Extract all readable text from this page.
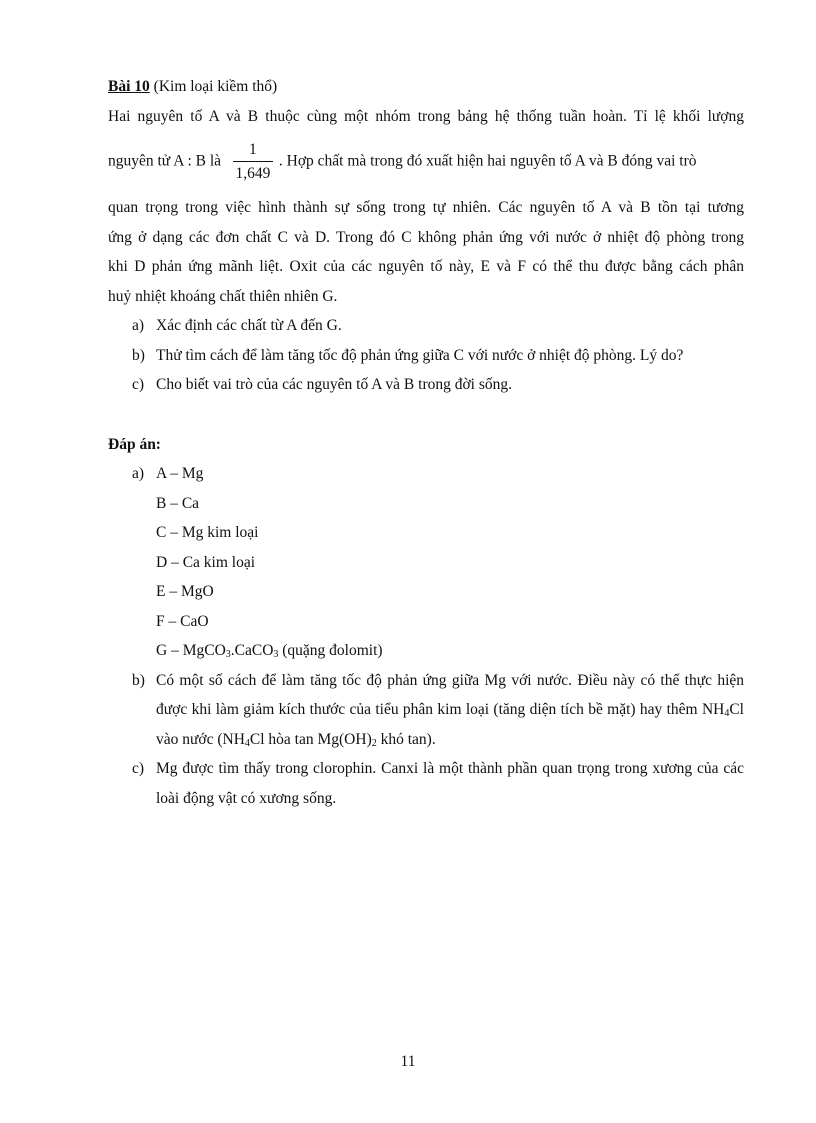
Bài 10 (Kim loại kiềm thổ)

Hai nguyên tố A và B thuộc cùng một nhóm trong bảng hệ thống tuần hoàn. Tỉ lệ khối lượng

nguyên tử A : B là $\frac{1}{1,649}$ . Hợp chất mà trong đó xuất hiện hai nguyên tố A và B đóng vai trò

quan trọng trong việc hình thành sự sống trong tự nhiên. Các nguyên tố A và B tồn tại tương

ứng ở dạng các đơn chất C và D. Trong đó C không phản ứng với nước ở nhiệt độ phòng trong

khi D phản ứng mãnh liệt. Oxit của các nguyên tố này, E và F có thể thu được bằng cách phân

huỷ nhiệt khoáng chất thiên nhiên G.

a) Xác định các chất từ A đến G.
b) Thử tìm cách để làm tăng tốc độ phản ứng giữa C với nước ở nhiệt độ phòng. Lý do?
c) Cho biết vai trò của các nguyên tố A và B trong đời sống.
Đáp án:
a) A – Mg
B – Ca
C – Mg kim loại
D – Ca kim loại
E – MgO
F – CaO
G – MgCO$_3$.CaCO$_3$ (quặng đolomit)
b) Có một số cách để làm tăng tốc độ phản ứng giữa Mg với nước. Điều này có thể thực hiện được khi làm giảm kích thước của tiểu phân kim loại (tăng diện tích bề mặt) hay thêm $NH_4Cl$ vào nước ($NH_4Cl$ hòa $\tan Mg(OH)_2$ khó tan).
c) Mg được tìm thấy trong clorophin. Canxi là một thành phần quan trọng trong xương của các loài động vật có xương sống.
11
